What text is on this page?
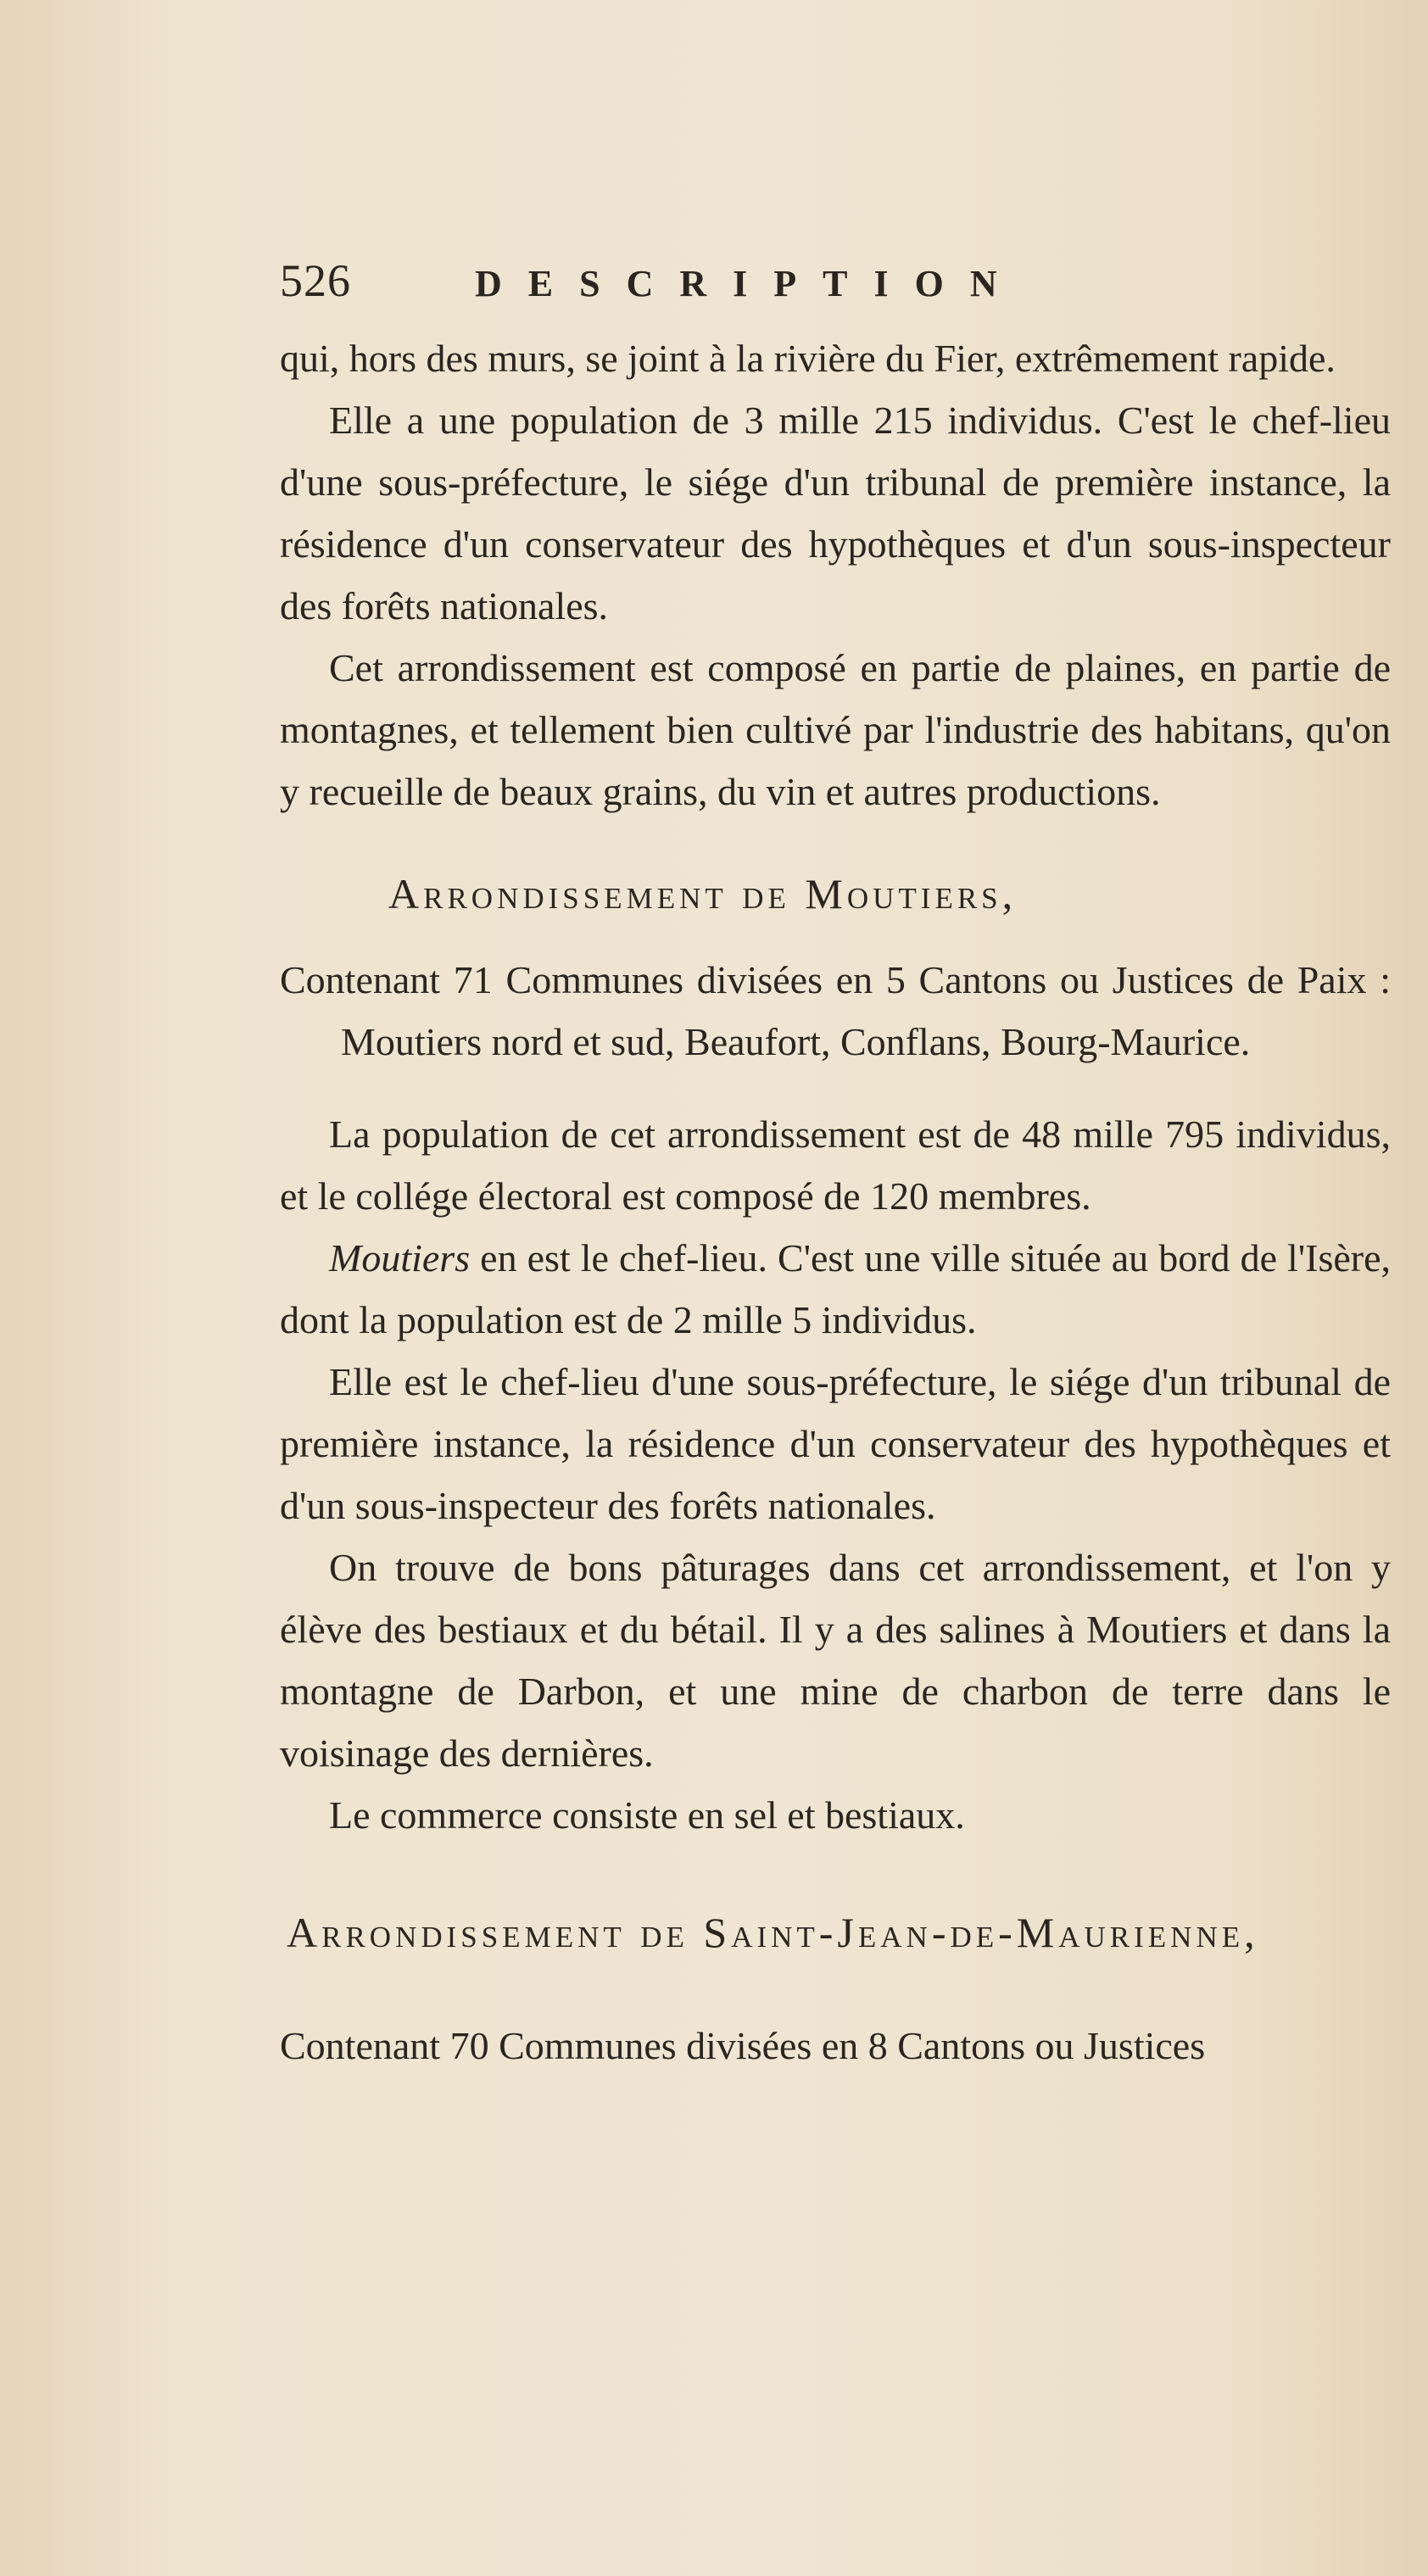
526	DESCRIPTION

qui, hors des murs, se joint à la rivière du Fier, extrêmement rapide.

Elle a une population de 3 mille 215 individus. C'est le chef-lieu d'une sous-préfecture, le siége d'un tribunal de première instance, la résidence d'un conservateur des hypothèques et d'un sous-inspecteur des forêts nationales.

Cet arrondissement est composé en partie de plaines, en partie de montagnes, et tellement bien cultivé par l'industrie des habitans, qu'on y recueille de beaux grains, du vin et autres productions.

Arrondissement de Moutiers,

Contenant 71 Communes divisées en 5 Cantons ou Justices de Paix : Moutiers nord et sud, Beaufort, Conflans, Bourg-Maurice.

La population de cet arrondissement est de 48 mille 795 individus, et le collége électoral est composé de 120 membres.

Moutiers en est le chef-lieu. C'est une ville située au bord de l'Isère, dont la population est de 2 mille 5 individus.

Elle est le chef-lieu d'une sous-préfecture, le siége d'un tribunal de première instance, la résidence d'un conservateur des hypothèques et d'un sous-inspecteur des forêts nationales.

On trouve de bons pâturages dans cet arrondissement, et l'on y élève des bestiaux et du bétail. Il y a des salines à Moutiers et dans la montagne de Darbon, et une mine de charbon de terre dans le voisinage des dernières.

Le commerce consiste en sel et bestiaux.

Arrondissement de Saint-Jean-de-Maurienne,

Contenant 70 Communes divisées en 8 Cantons ou Justices
